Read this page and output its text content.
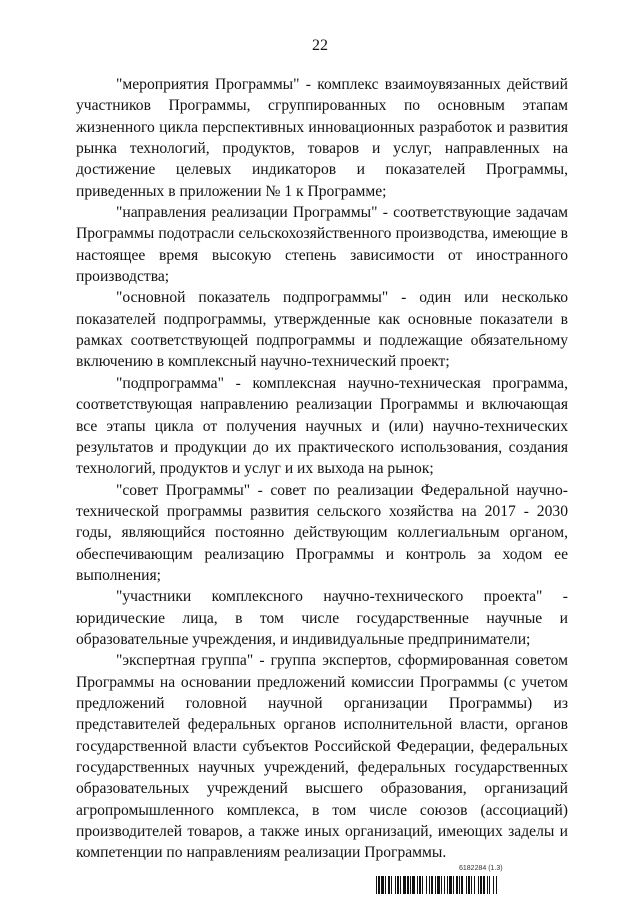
22

"мероприятия Программы" - комплекс взаимоувязанных действий участников Программы, сгруппированных по основным этапам жизненного цикла перспективных инновационных разработок и развития рынка технологий, продуктов, товаров и услуг, направленных на достижение целевых индикаторов и показателей Программы, приведенных в приложении № 1 к Программе;

"направления реализации Программы" - соответствующие задачам Программы подотрасли сельскохозяйственного производства, имеющие в настоящее время высокую степень зависимости от иностранного производства;

"основной показатель подпрограммы" - один или несколько показателей подпрограммы, утвержденные как основные показатели в рамках соответствующей подпрограммы и подлежащие обязательному включению в комплексный научно-технический проект;

"подпрограмма" - комплексная научно-техническая программа, соответствующая направлению реализации Программы и включающая все этапы цикла от получения научных и (или) научно-технических результатов и продукции до их практического использования, создания технологий, продуктов и услуг и их выхода на рынок;

"совет Программы" - совет по реализации Федеральной научно-технической программы развития сельского хозяйства на 2017 - 2030 годы, являющийся постоянно действующим коллегиальным органом, обеспечивающим реализацию Программы и контроль за ходом ее выполнения;

"участники комплексного научно-технического проекта" - юридические лица, в том числе государственные научные и образовательные учреждения, и индивидуальные предприниматели;

"экспертная группа" - группа экспертов, сформированная советом Программы на основании предложений комиссии Программы (с учетом предложений головной научной организации Программы) из представителей федеральных органов исполнительной власти, органов государственной власти субъектов Российской Федерации, федеральных государственных научных учреждений, федеральных государственных образовательных учреждений высшего образования, организаций агропромышленного комплекса, в том числе союзов (ассоциаций) производителей товаров, а также иных организаций, имеющих заделы и компетенции по направлениям реализации Программы.

6182284 (1.3)
